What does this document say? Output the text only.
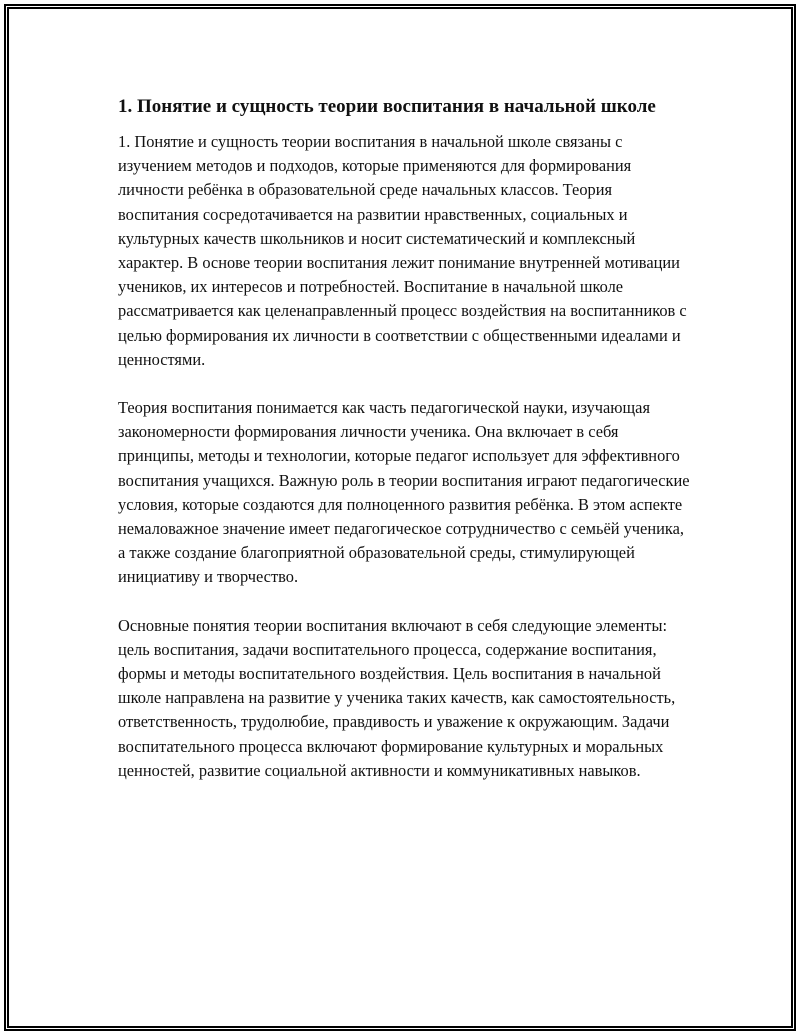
1. Понятие и сущность теории воспитания в начальной школе

1. Понятие и сущность теории воспитания в начальной школе связаны с изучением методов и подходов, которые применяются для формирования личности ребёнка в образовательной среде начальных классов. Теория воспитания сосредотачивается на развитии нравственных, социальных и культурных качеств школьников и носит систематический и комплексный характер. В основе теории воспитания лежит понимание внутренней мотивации учеников, их интересов и потребностей. Воспитание в начальной школе рассматривается как целенаправленный процесс воздействия на воспитанников с целью формирования их личности в соответствии с общественными идеалами и ценностями.

Теория воспитания понимается как часть педагогической науки, изучающая закономерности формирования личности ученика. Она включает в себя принципы, методы и технологии, которые педагог использует для эффективного воспитания учащихся. Важную роль в теории воспитания играют педагогические условия, которые создаются для полноценного развития ребёнка. В этом аспекте немаловажное значение имеет педагогическое сотрудничество с семьёй ученика, а также создание благоприятной образовательной среды, стимулирующей инициативу и творчество.

Основные понятия теории воспитания включают в себя следующие элементы: цель воспитания, задачи воспитательного процесса, содержание воспитания, формы и методы воспитательного воздействия. Цель воспитания в начальной школе направлена на развитие у ученика таких качеств, как самостоятельность, ответственность, трудолюбие, правдивость и уважение к окружающим. Задачи воспитательного процесса включают формирование культурных и моральных ценностей, развитие социальной активности и коммуникативных навыков.
